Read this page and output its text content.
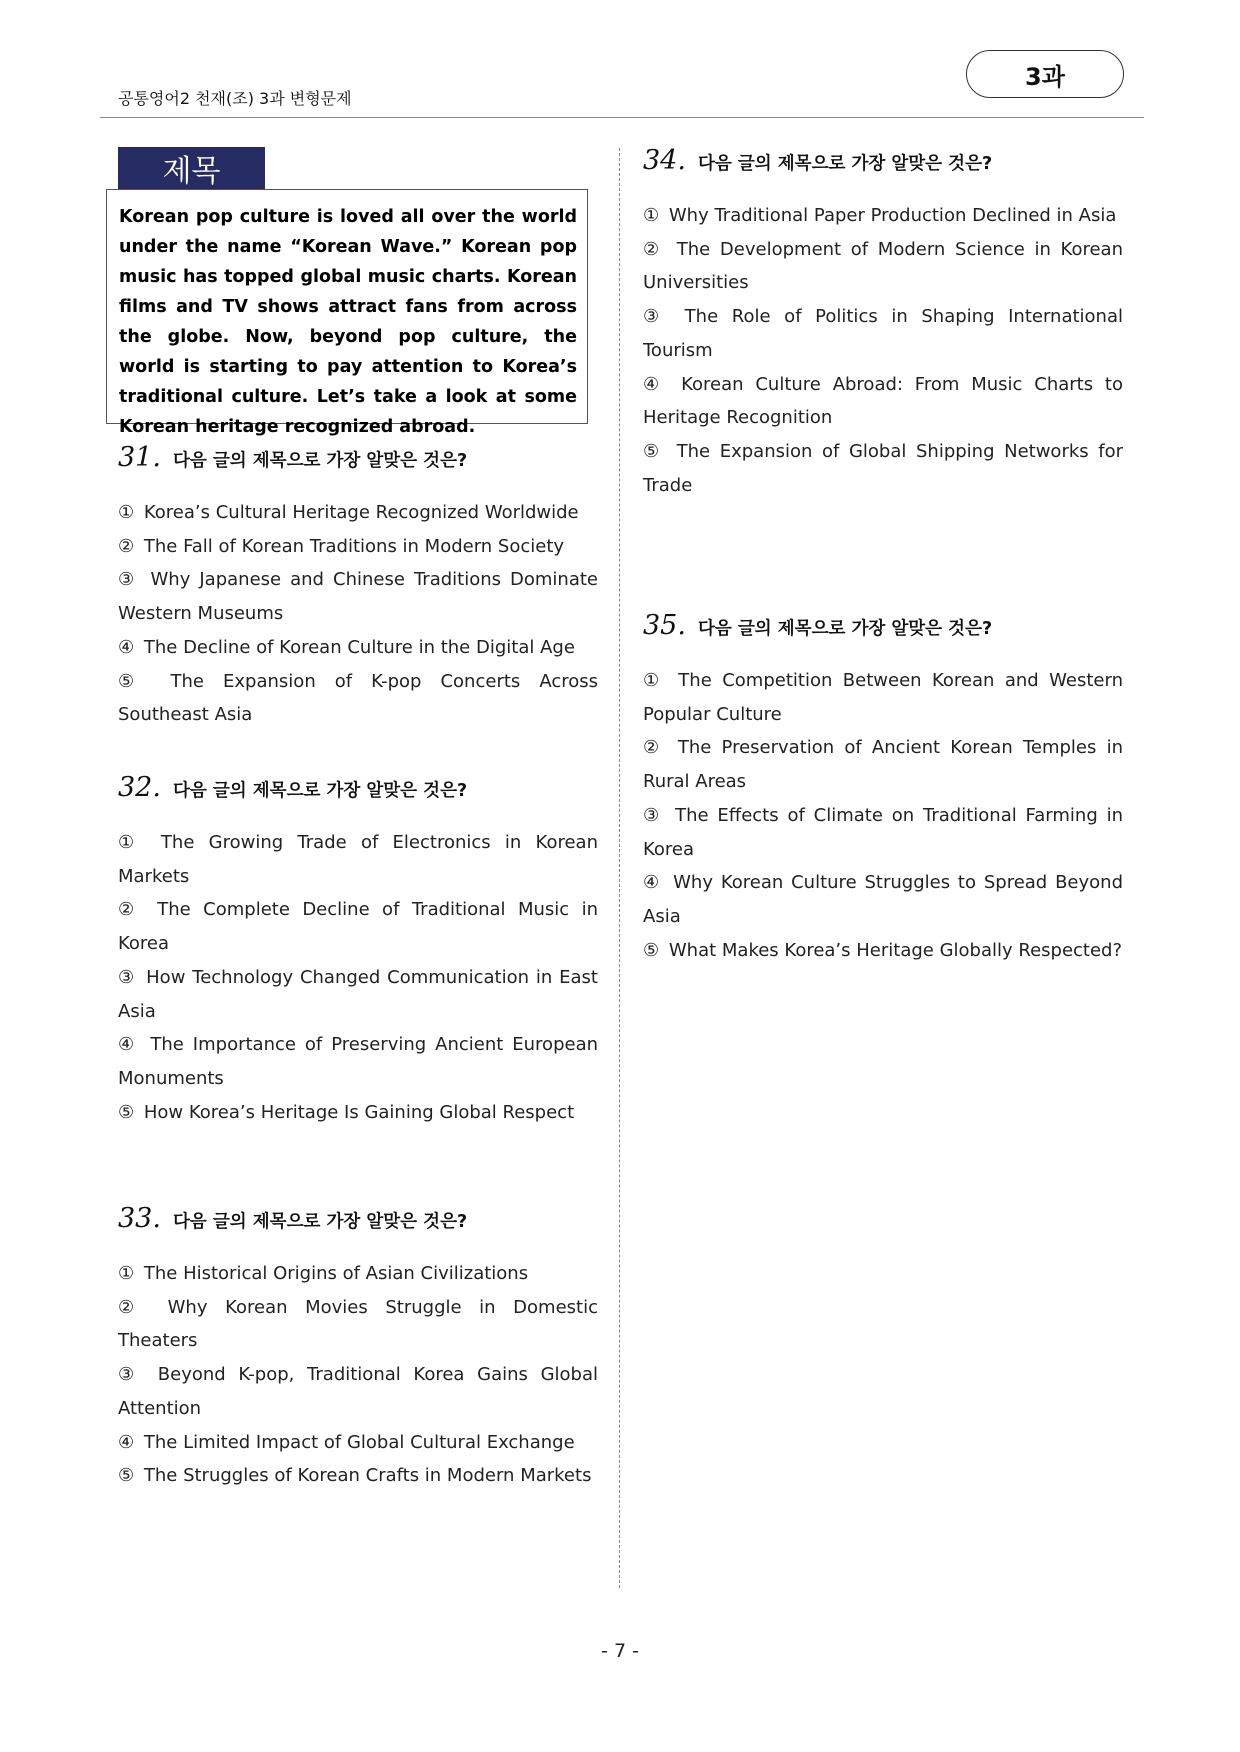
공통영어2 천재(조) 3과 변형문제
3과
제목

Korean pop culture is loved all over the world under the name “Korean Wave.” Korean pop music has topped global music charts. Korean films and TV shows attract fans from across the globe. Now, beyond pop culture, the world is starting to pay attention to Korea’s traditional culture. Let’s take a look at some Korean heritage recognized abroad.

31. 다음 글의 제목으로 가장 알맞은 것은?
① Korea’s Cultural Heritage Recognized Worldwide
② The Fall of Korean Traditions in Modern Society
③ Why Japanese and Chinese Traditions Dominate Western Museums
④ The Decline of Korean Culture in the Digital Age
⑤ The Expansion of K-pop Concerts Across Southeast Asia
32. 다음 글의 제목으로 가장 알맞은 것은?
① The Growing Trade of Electronics in Korean Markets
② The Complete Decline of Traditional Music in Korea
③ How Technology Changed Communication in East Asia
④ The Importance of Preserving Ancient European Monuments
⑤ How Korea’s Heritage Is Gaining Global Respect
33. 다음 글의 제목으로 가장 알맞은 것은?
① The Historical Origins of Asian Civilizations
② Why Korean Movies Struggle in Domestic Theaters
③ Beyond K-pop, Traditional Korea Gains Global Attention
④ The Limited Impact of Global Cultural Exchange
⑤ The Struggles of Korean Crafts in Modern Markets
34. 다음 글의 제목으로 가장 알맞은 것은?
① Why Traditional Paper Production Declined in Asia
② The Development of Modern Science in Korean Universities
③ The Role of Politics in Shaping International Tourism
④ Korean Culture Abroad: From Music Charts to Heritage Recognition
⑤ The Expansion of Global Shipping Networks for Trade
35. 다음 글의 제목으로 가장 알맞은 것은?
① The Competition Between Korean and Western Popular Culture
② The Preservation of Ancient Korean Temples in Rural Areas
③ The Effects of Climate on Traditional Farming in Korea
④ Why Korean Culture Struggles to Spread Beyond Asia
⑤ What Makes Korea’s Heritage Globally Respected?
- 7 -
